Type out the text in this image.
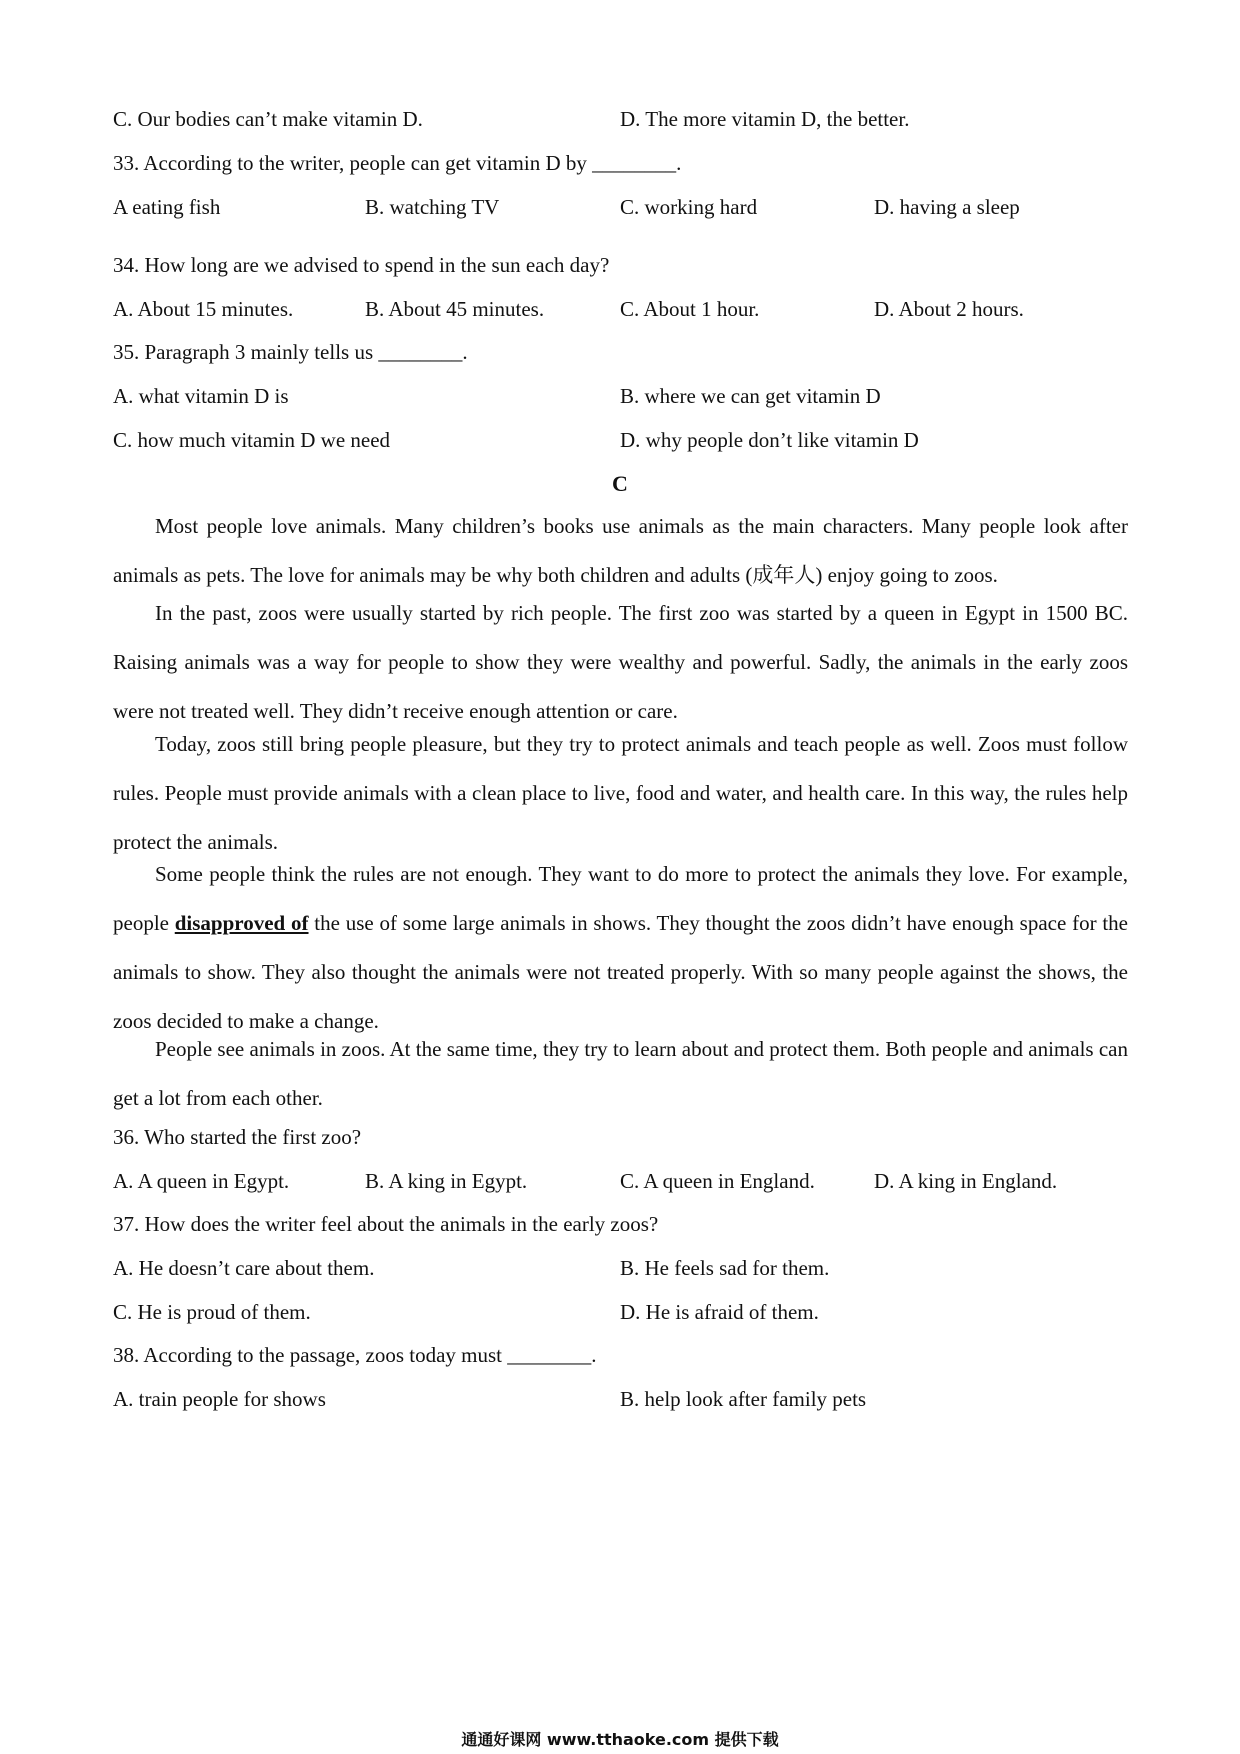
C. Our bodies can’t make vitamin D.	D. The more vitamin D, the better.
33. According to the writer, people can get vitamin D by ________.
A eating fish	B. watching TV	C. working hard	D. having a sleep
34. How long are we advised to spend in the sun each day?
A. About 15 minutes.	B. About 45 minutes.	C. About 1 hour.	D. About 2 hours.
35. Paragraph 3 mainly tells us ________.
A. what vitamin D is	B. where we can get vitamin D
C. how much vitamin D we need	D. why people don’t like vitamin D
C
Most people love animals. Many children’s books use animals as the main characters. Many people look after animals as pets. The love for animals may be why both children and adults (成年人) enjoy going to zoos.
In the past, zoos were usually started by rich people. The first zoo was started by a queen in Egypt in 1500 BC. Raising animals was a way for people to show they were wealthy and powerful. Sadly, the animals in the early zoos were not treated well. They didn’t receive enough attention or care.
Today, zoos still bring people pleasure, but they try to protect animals and teach people as well. Zoos must follow rules. People must provide animals with a clean place to live, food and water, and health care. In this way, the rules help protect the animals.
Some people think the rules are not enough. They want to do more to protect the animals they love. For example, people disapproved of the use of some large animals in shows. They thought the zoos didn’t have enough space for the animals to show. They also thought the animals were not treated properly. With so many people against the shows, the zoos decided to make a change.
People see animals in zoos. At the same time, they try to learn about and protect them. Both people and animals can get a lot from each other.
36. Who started the first zoo?
A. A queen in Egypt.	B. A king in Egypt.	C. A queen in England.	D. A king in England.
37. How does the writer feel about the animals in the early zoos?
A. He doesn’t care about them.	B. He feels sad for them.
C. He is proud of them.	D. He is afraid of them.
38. According to the passage, zoos today must ________.
A. train people for shows	B. help look after family pets
通通好课网 www.tthaoke.com 提供下载
